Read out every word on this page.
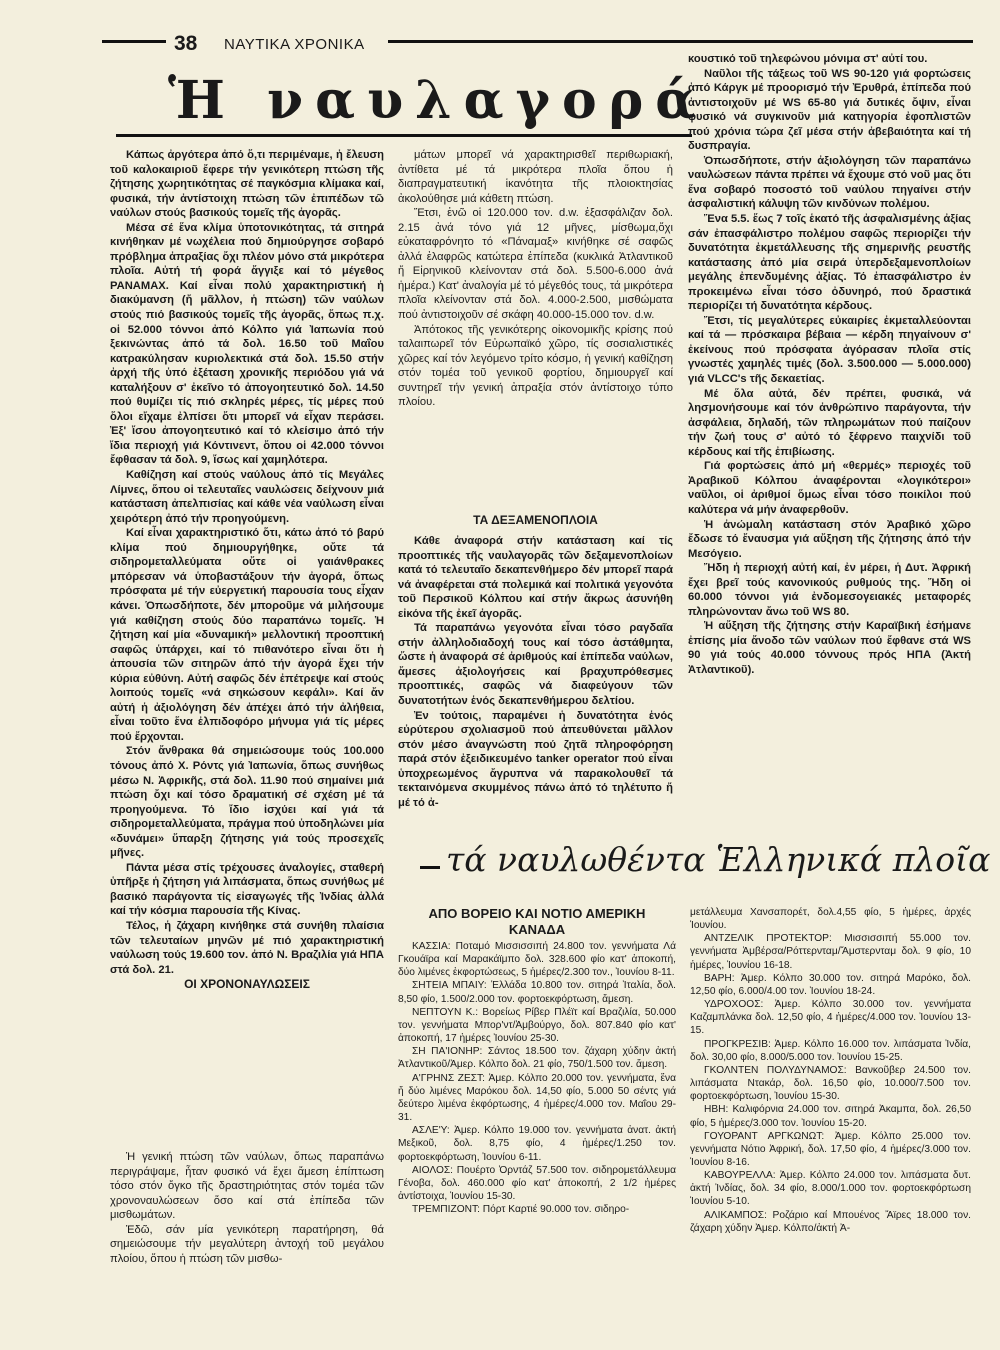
38 ΝΑΥΤΙΚΑ ΧΡΟΝΙΚΑ
Ἡ ναυλαγορά

Κάπως ἀργότερα ἀπό ὅ,τι περιμέναμε, ἡ ἔλευση τοῦ καλοκαιριοῦ ἔφερε τήν γενικότερη πτώση τῆς ζήτησης χωρητικότητας σέ παγκόσμια κλίμακα καί, φυσικά, τήν ἀντίστοιχη πτώση τῶν ἐπιπέδων τῶ ναύλων στούς βασικούς τομεῖς τῆς ἀγορᾶς.

Μέσα σέ ἕνα κλίμα ὑποτονικότητας, τά σιτηρά κινήθηκαν μέ νωχέλεια πού δημιούργησε σοβαρό πρόβλημα ἀπραξίας ὄχι πλέον μόνο στά μικρότερα πλοῖα. Αὐτή τή φορά ἄγγιξε καί τό μέγεθος PANAMAX. Καί εἶναι πολύ χαρακτηριστική ἡ διακύμανση (ἤ μᾶλλον, ἡ πτώση) τῶν ναύλων στούς πιό βασικούς τομεῖς τῆς ἀγορᾶς, ὅπως π.χ. οἱ 52.000 τόννοι ἀπό Κόλπο γιά Ἰαπωνία πού ξεκινώντας ἀπό τά δολ. 16.50 τοῦ Μαΐου κατρακύλησαν κυριολεκτικά στά δολ. 15.50 στήν ἀρχή τῆς ὑπό ἐξέταση χρονικῆς περιόδου γιά νά καταλήξουν σ' ἐκεῖνο τό ἀπογοητευτικό δολ. 14.50 πού θυμίζει τίς πιό σκληρές μέρες, τίς μέρες πού ὅλοι εἴχαμε ἐλπίσει ὅτι μπορεῖ νά εἶχαν περάσει. Ἐξ' ἴσου ἀπογοητευτικό καί τό κλείσιμο ἀπό τήν ἴδια περιοχή γιά Κόντινεντ, ὅπου οἱ 42.000 τόννοι ἔφθασαν τά δολ. 9, ἴσως καί χαμηλότερα.

Καθίζηση καί στούς ναύλους ἀπό τίς Μεγάλες Λίμνες, ὅπου οἱ τελευταῖες ναυλώσεις δείχνουν μιά κατάσταση ἀπελπισίας καί κάθε νέα ναύλωση εἶναι χειρότερη ἀπό τήν προηγούμενη.

Καί εἶναι χαρακτηριστικό ὅτι, κάτω ἀπό τό βαρύ κλίμα πού δημιουργήθηκε, οὔτε τά σιδηρομεταλλεύματα οὔτε οἱ γαιάνθρακες μπόρεσαν νά ὑποβαστάξουν τήν ἀγορά, ὅπως πρόσφατα μέ τήν εὐεργετική παρουσία τους εἶχαν κάνει. Ὁπωσδήποτε, δέν μποροῦμε νά μιλήσουμε γιά καθίζηση στούς δύο παραπάνω τομεῖς. Ἡ ζήτηση καί μία «δυναμική» μελλοντική προοπτική σαφῶς ὑπάρχει, καί τό πιθανότερο εἶναι ὅτι ἡ ἀπουσία τῶν σιτηρῶν ἀπό τήν ἀγορά ἔχει τήν κύρια εὐθύνη. Αὐτή σαφῶς δέν ἐπέτρεψε καί στούς λοιπούς τομεῖς «νά σηκώσουν κεφάλι». Καί ἄν αὐτή ἡ ἀξιολόγηση δέν ἀπέχει ἀπό τήν ἀλήθεια, εἶναι τοῦτο ἕνα ἐλπιδοφόρο μήνυμα γιά τίς μέρες πού ἔρχονται.

Στόν ἄνθρακα θά σημειώσουμε τούς 100.000 τόνους ἀπό Χ. Ρόντς γιά Ἰαπωνία, ὅπως συνήθως μέσω Ν. Ἀφρικῆς, στά δολ. 11.90 πού σημαίνει μιά πτώση ὄχι καί τόσο δραματική σέ σχέση μέ τά προηγούμενα. Τό ἴδιο ἰσχύει καί γιά τά σιδηρομεταλλεύματα, πράγμα πού ὑποδηλώνει μία «δυνάμει» ὕπαρξη ζήτησης γιά τούς προσεχεῖς μῆνες.

Πάντα μέσα στίς τρέχουσες ἀναλογίες, σταθερή ὑπῆρξε ἡ ζήτηση γιά λιπάσματα, ὅπως συνήθως μέ βασικό παράγοντα τίς εἰσαγωγές τῆς Ἰνδίας ἀλλά καί τήν κόσμια παρουσία τῆς Κίνας.

Τέλος, ἡ ζάχαρη κινήθηκε στά συνήθη πλαίσια τῶν τελευταίων μηνῶν μέ πιό χαρακτηριστική ναύλωση τούς 19.600 τον. ἀπό Ν. Βραζιλία γιά ΗΠΑ στά δολ. 21.

ΟΙ ΧΡΟΝΟΝΑΥΛΩΣΕΙΣ

Ἡ γενική πτώση τῶν ναύλων, ὅπως παραπάνω περιγράψαμε, ἦταν φυσικό νά ἔχει ἄμεση ἐπίπτωση τόσο στόν ὄγκο τῆς δραστηριότητας στόν τομέα τῶν χρονοναυλώσεων ὅσο καί στά ἐπίπεδα τῶν μισθωμάτων.

Ἐδῶ, σάν μία γενικότερη παρατήρηση, θά σημειώσουμε τήν μεγαλύτερη ἀντοχή τοῦ μεγάλου πλοίου, ὅπου ἡ πτώση τῶν μισθω-

μάτων μπορεῖ νά χαρακτηρισθεῖ περιθωριακή, ἀντίθετα μέ τά μικρότερα πλοῖα ὅπου ἡ διαπραγματευτική ἱκανότητα τῆς πλοιοκτησίας ἀκολούθησε μιά κάθετη πτώση.

Ἔτσι, ἐνῶ οἱ 120.000 τον. d.w. ἐξασφάλιζαν δολ. 2.15 ἀνά τόνο γιά 12 μῆνες, μίσθωμα,ὄχι εὐκαταφρόνητο τό «Πάναμαξ» κινήθηκε σέ σαφῶς ἀλλά ἐλαφρῶς κατώτερα ἐπίπεδα (κυκλικά Ἀτλαντικοῦ ἤ Εἰρηνικοῦ κλείνονταν στά δολ. 5.500-6.000 ἀνά ἡμέρα.) Κατ' ἀναλογία μέ τό μέγεθός τους, τά μικρότερα πλοῖα κλείνονταν στά δολ. 4.000-2.500, μισθώματα πού ἀντιστοιχοῦν σέ σκάφη 40.000-15.000 τον. d.w.

Ἀπότοκος τῆς γενικότερης οἰκονομικῆς κρίσης πού ταλαιπωρεῖ τόν Εὐρωπαϊκό χῶρο, τίς σοσιαλιστικές χῶρες καί τόν λεγόμενο τρίτο κόσμο, ἡ γενική καθίζηση στόν τομέα τοῦ γενικοῦ φορτίου, δημιουργεῖ καί συντηρεῖ τήν γενική ἀπραξία στόν ἀντίστοιχο τύπο πλοίου.

ΤΑ ΔΕΞΑΜΕΝΟΠΛΟΙΑ

Κάθε ἀναφορά στήν κατάσταση καί τίς προοπτικές τῆς ναυλαγορᾶς τῶν δεξαμενοπλοίων κατά τό τελευταῖο δεκαπενθήμερο δέν μπορεῖ παρά νά ἀναφέρεται στά πολεμικά καί πολιτικά γεγονότα τοῦ Περσικοῦ Κόλπου καί στήν ἄκρως ἀσυνήθη εἰκόνα τῆς ἐκεῖ ἀγορᾶς.

Τά παραπάνω γεγονότα εἶναι τόσο ραγδαῖα στήν ἀλληλοδιαδοχή τους καί τόσο ἀστάθμητα, ὥστε ἡ ἀναφορά σέ ἀριθμούς καί ἐπίπεδα ναύλων, ἄμεσες ἀξιολογήσεις καί βραχυπρόθεσμες προοπτικές, σαφῶς νά διαφεύγουν τῶν δυνατοτήτων ἑνός δεκαπενθήμερου δελτίου.

Ἐν τούτοις, παραμένει ἡ δυνατότητα ἑνός εὐρύτερου σχολιασμοῦ πού ἀπευθύνεται μᾶλλον στόν μέσο ἀναγνώστη πού ζητᾶ πληροφόρηση παρά στόν ἐξειδικευμένο tanker operator πού εἶναι ὑποχρεωμένος ἄγρυπνα νά παρακολουθεῖ τά τεκταινόμενα σκυμμένος πάνω ἀπό τό τηλέτυπο ἤ μέ τό ἀ-

κουστικό τοῦ τηλεφώνου μόνιμα στ' αὐτί του.

Ναῦλοι τῆς τάξεως τοῦ WS 90-120 γιά φορτώσεις ἀπό Κάργκ μέ προορισμό τήν Ἐρυθρά, ἐπίπεδα πού ἀντιστοιχοῦν μέ WS 65-80 γιά δυτικές ὄψιν, εἶναι φυσικό νά συγκινοῦν μιά κατηγορία ἐφοπλιστῶν πού χρόνια τώρα ζεῖ μέσα στήν ἀβεβαιότητα καί τή δυσπραγία.

Ὁπωσδήποτε, στήν ἀξιολόγηση τῶν παραπάνω ναυλώσεων πάντα πρέπει νά ἔχουμε στό νοῦ μας ὅτι ἕνα σοβαρό ποσοστό τοῦ ναύλου πηγαίνει στήν ἀσφαλιστική κάλυψη τῶν κινδύνων πολέμου.

Ἕνα 5.5. ἕως 7 τοῖς ἑκατό τῆς ἀσφαλισμένης ἀξίας σάν ἐπασφάλιστρο πολέμου σαφῶς περιορίζει τήν δυνατότητα ἐκμετάλλευσης τῆς σημερινῆς ρευστῆς κατάστασης ἀπό μία σειρά ὑπερδεξαμενοπλοίων μεγάλης ἐπενδυμένης ἀξίας. Τό ἐπασφάλιστρο ἐν προκειμένω εἶναι τόσο ὀδυνηρό, πού δραστικά περιορίζει τή δυνατότητα κέρδους.

Ἔτσι, τίς μεγαλύτερες εὐκαιρίες ἐκμεταλλεύονται καί τά — πρόσκαιρα βέβαια — κέρδη πηγαίνουν σ' ἐκείνους πού πρόσφατα ἀγόρασαν πλοῖα στίς γνωστές χαμηλές τιμές (δολ. 3.500.000 — 5.000.000) γιά VLCC's τῆς δεκαετίας.

Μέ ὅλα αὐτά, δέν πρέπει, φυσικά, νά λησμονήσουμε καί τόν ἀνθρώπινο παράγοντα, τήν ἀσφάλεια, δηλαδή, τῶν πληρωμάτων πού παίζουν τήν ζωή τους σ' αὐτό τό ξέφρενο παιχνίδι τοῦ κέρδους καί τῆς ἐπιβίωσης.

Γιά φορτώσεις ἀπό μή «θερμές» περιοχές τοῦ Ἀραβικοῦ Κόλπου ἀναφέρονται «λογικότεροι» ναῦλοι, οἱ ἀριθμοί ὅμως εἶναι τόσο ποικίλοι πού καλύτερα νά μήν ἀναφερθοῦν.

Ἡ ἀνώμαλη κατάσταση στόν Ἀραβικό χῶρο ἔδωσε τό ἔναυσμα γιά αὔξηση τῆς ζήτησης ἀπό τήν Μεσόγειο.

Ἤδη ἡ περιοχή αὐτή καί, ἐν μέρει, ἡ Δυτ. Ἀφρική ἔχει βρεῖ τούς κανονικούς ρυθμούς της. Ἤδη οἱ 60.000 τόννοι γιά ἐνδομεσογειακές μεταφορές πληρώνονταν ἄνω τοῦ WS 80.

Ἡ αὔξηση τῆς ζήτησης στήν Καραϊβική ἐσήμανε ἐπίσης μία ἄνοδο τῶν ναύλων πού ἔφθανε στά WS 90 γιά τούς 40.000 τόννους πρός ΗΠΑ (Ἀκτή Ἀτλαντικοῦ).

τά ναυλωθέντα Ἑλληνικά πλοῖα
ΑΠΟ ΒΟΡΕΙΟ ΚΑΙ ΝΟΤΙΟ ΑΜΕΡΙΚΗ
ΚΑΝΑΔΑ

ΚΑΣΣΙΑ: Ποταμό Μισσισσιπή 24.800 τον. γεννήματα Λά Γκουάϊρα καί Μαρακάϊμπο δολ. 328.600 φίο κατ' ἀποκοπή, δύο λιμένες ἐκφορτώσεως, 5 ἡμέρες/2.300 τον., Ἰουνίου 8-11.

ΣΗΤΕΙΑ ΜΠΑΙΥ: Ἑλλάδα 10.800 τον. σιτηρά Ἰταλία, δολ. 8,50 φίο, 1.500/2.000 τον. φορτοεκφόρτωση, ἄμεση.

ΝΕΠΤΟΥΝ Κ.: Βορείως Ρίβερ Πλέϊτ καί Βραζιλία, 50.000 τον. γεννήματα Μπορ'ντ/Ἀμβούργο, δολ. 807.840 φίο κατ' ἀποκοπή, 17 ἡμέρες Ἰουνίου 25-30.

ΣΗ ΠΑ'ΙΟΝΗΡ: Σάντος 18.500 τον. ζάχαρη χύδην ἀκτή Ἀτλαντικοῦ/Ἀμερ. Κόλπο δολ. 21 φίο, 750/1.500 τον. ἄμεση.

Α'ΓΡΗΝΣ ΖΕΣΤ: Ἀμερ. Κόλπο 20.000 τον. γεννήματα, ἕνα ἤ δύο λιμένες Μαρόκου δολ. 14,50 φίο, 5.000 50 σέντς γιά δεύτερο λιμένα ἐκφόρτωσης, 4 ἡμέρες/4.000 τον. Μαΐου 29-31.

ΑΣΛΕ'Υ: Ἀμερ. Κόλπο 19.000 τον. γεννήματα ἀνατ. ἀκτή Μεξικοῦ, δολ. 8,75 φίο, 4 ἡμέρες/1.250 τον. φορτοεκφόρτωση, Ἰουνίου 6-11.

ΑΙΟΛΟΣ: Πουέρτο Ὀρντάζ 57.500 τον. σιδηρομετάλλευμα Γένοβα, δολ. 460.000 φίο κατ' ἀποκοπή, 2 1/2 ἡμέρες ἀντίστοιχα, Ἰουνίου 15-30.

ΤΡΕΜΠΙΖΟΝΤ: Πόρτ Καρτιέ 90.000 τον. σιδηρο-

μετάλλευμα Χανσαπορέτ, δολ.4,55 φίο, 5 ἡμέρες, ἀρχές Ἰουνίου.

ΑΝΤΖΕΛΙΚ ΠΡΟΤΕΚΤΟΡ: Μισσισσιπή 55.000 τον. γεννήματα Ἀμβέρσα/Ρόττερνταμ/Ἄμστερνταμ δολ. 9 φίο, 10 ἡμέρες, Ἰουνίου 16-18.

ΒΑΡΗ: Ἀμερ. Κόλπο 30.000 τον. σιτηρά Μαρόκο, δολ. 12,50 φίο, 6.000/4.00 τον. Ἰουνίου 18-24.

ΥΔΡΟΧΟΟΣ: Ἀμερ. Κόλπο 30.000 τον. γεννήματα Καζαμπλάνκα δολ. 12,50 φίο, 4 ἡμέρες/4.000 τον. Ἰουνίου 13-15.

ΠΡΟΓΚΡΕΣΙΒ: Ἀμερ. Κόλπο 16.000 τον. λιπάσματα Ἰνδία, δολ. 30,00 φίο, 8.000/5.000 τον. Ἰουνίου 15-25.

ΓΚΟΛΝΤΕΝ ΠΟΛΥΔΥΝΑΜΟΣ: Βανκοῦβερ 24.500 τον. λιπάσματα Ντακάρ, δολ. 16,50 φίο, 10.000/7.500 τον. φορτοεκφόρτωση, Ἰουνίου 15-30.

ΗΒΗ: Καλιφόρνια 24.000 τον. σιτηρά Ἀκαμπα, δολ. 26,50 φίο, 5 ἡμέρες/3.000 τον. Ἰουνίου 15-20.

ΓΟΥΟΡΑΝΤ ΑΡΓΚΩΝΩΤ: Ἀμερ. Κόλπο 25.000 τον. γεννήματα Νότιο Ἀφρική, δολ. 17,50 φίο, 4 ἡμέρες/3.000 τον. Ἰουνίου 8-16.

ΚΑΒΟΥΡΕΛΛΑ: Ἀμερ. Κόλπο 24.000 τον. λιπάσματα δυτ. ἀκτή Ἰνδίας, δολ. 34 φίο, 8.000/1.000 τον. φορτοεκφόρτωση Ἰουνίου 5-10.

ΑΛΙΚΑΜΠΟΣ: Ροζάριο καί Μπουένος Ἄϊρες 18.000 τον. ζάχαρη χύδην Ἀμερ. Κόλπο/ἀκτή Ἀ-
